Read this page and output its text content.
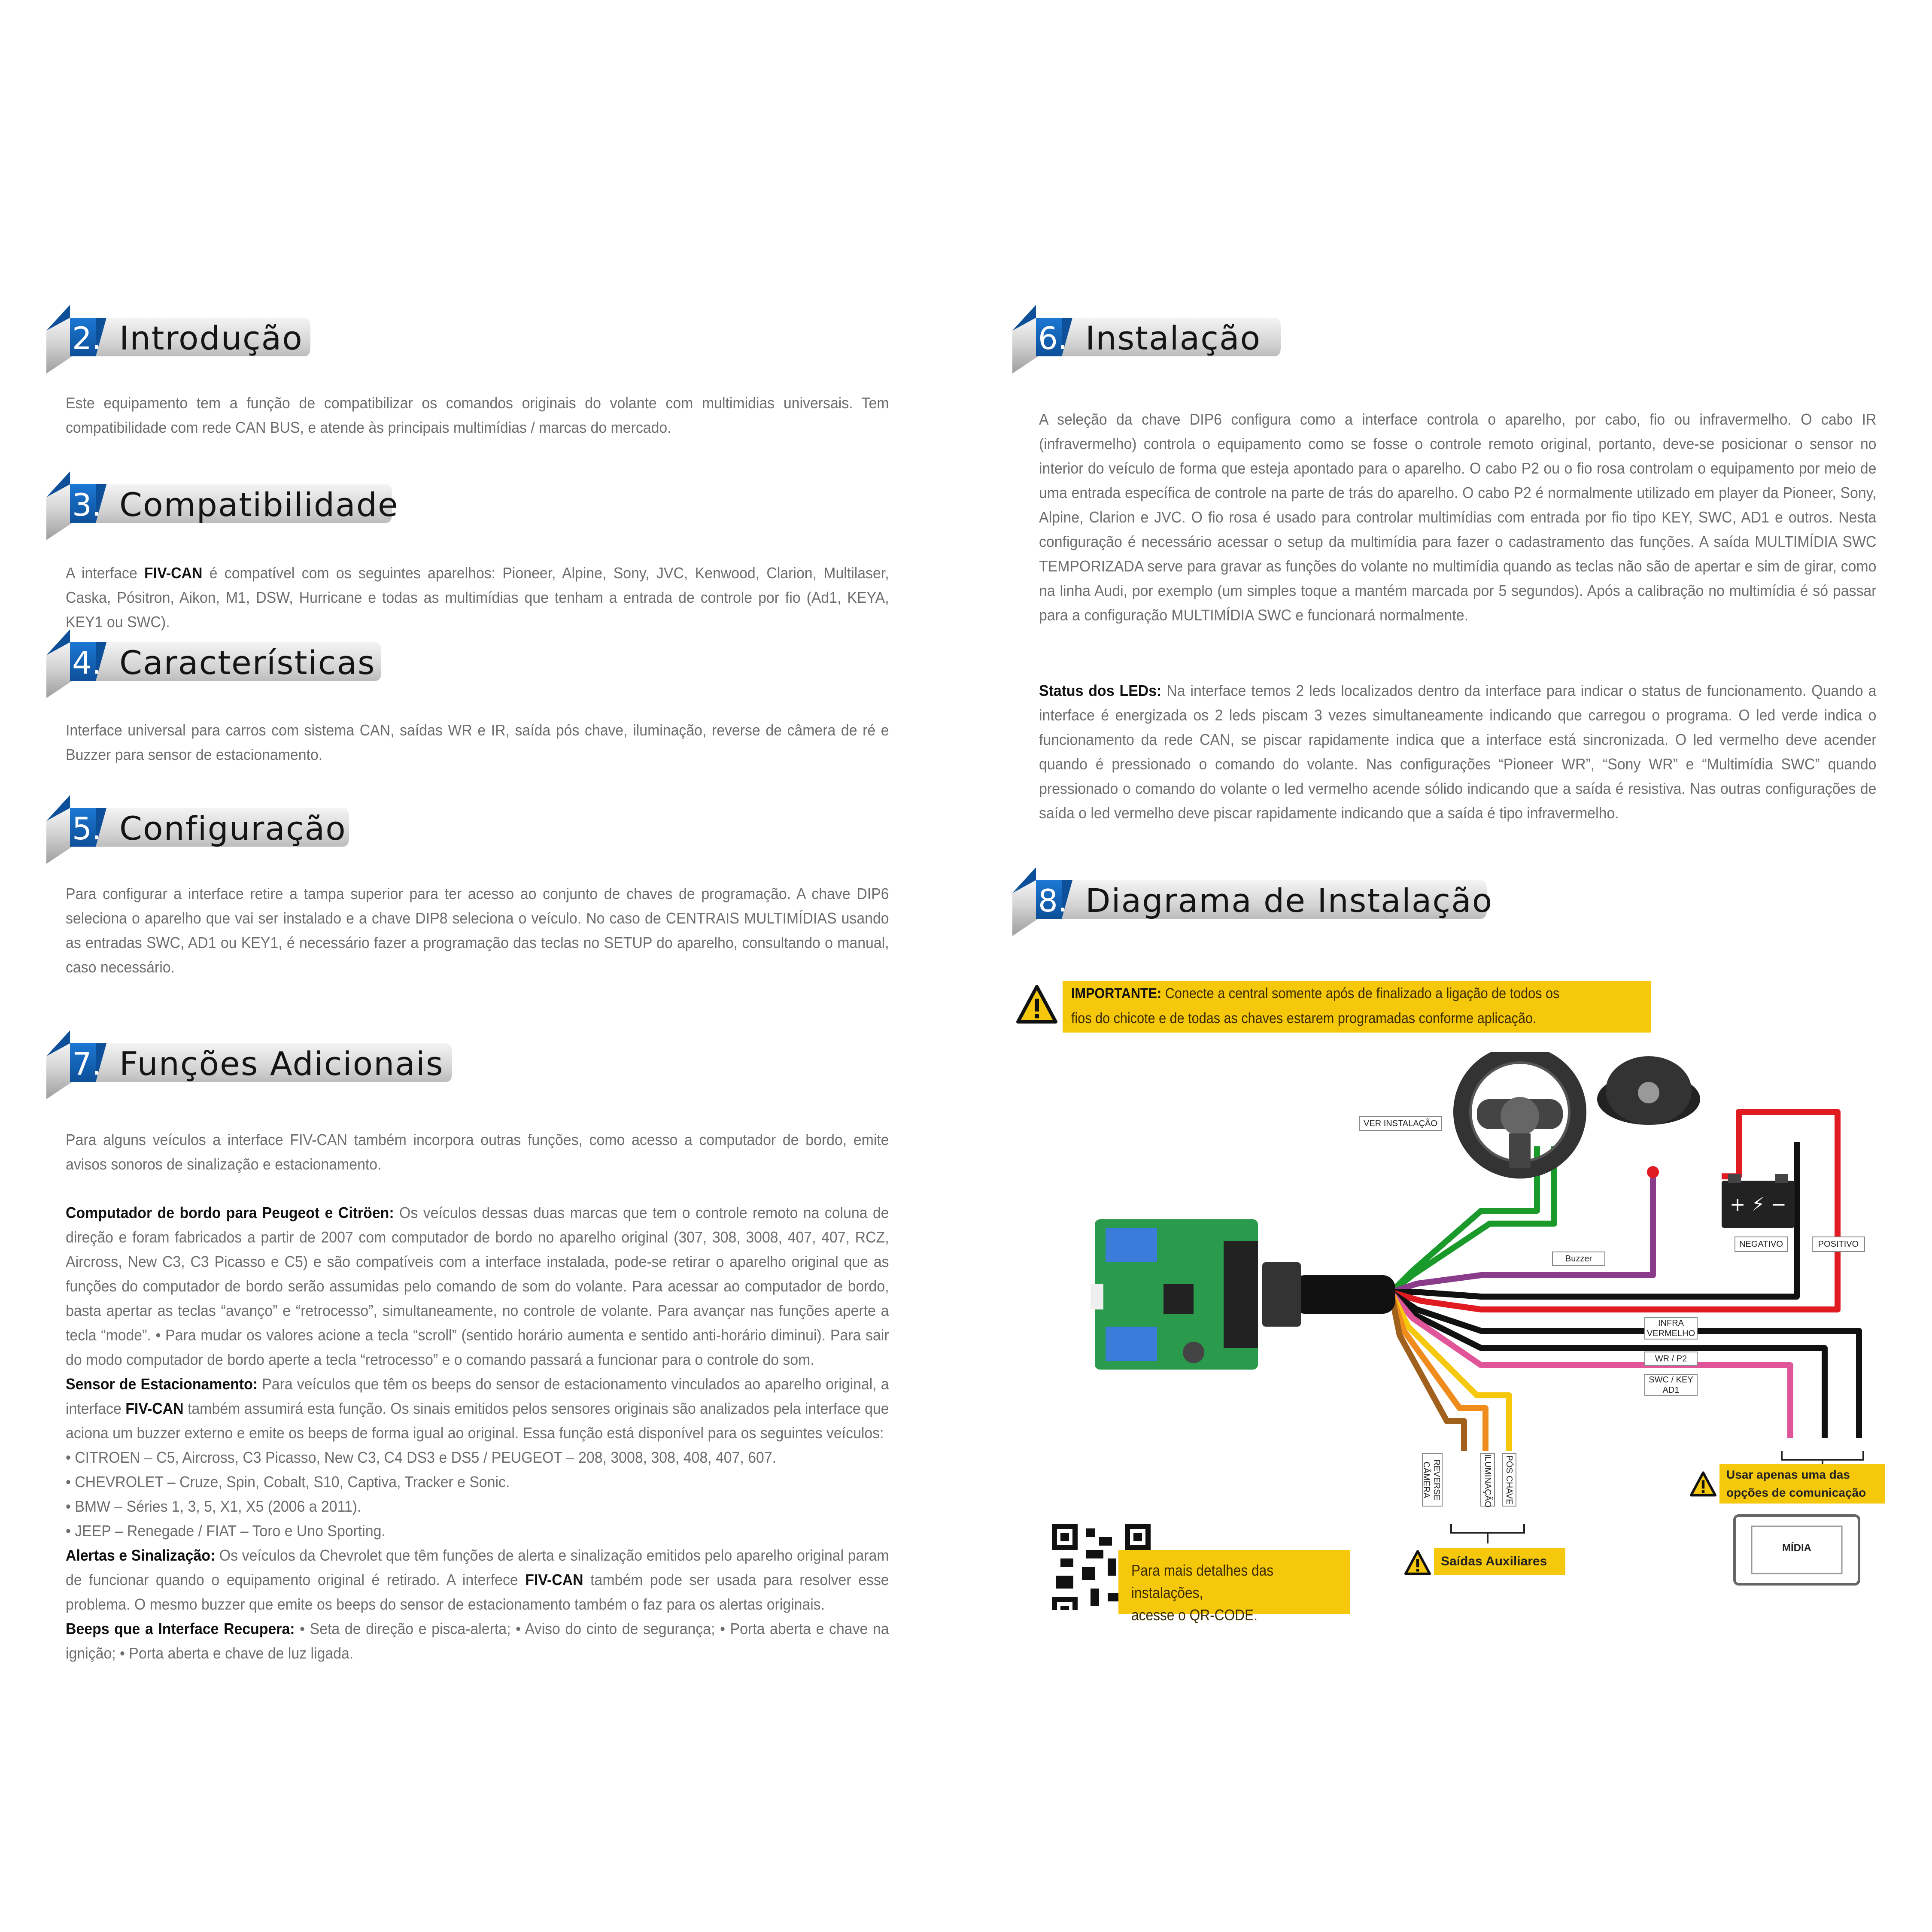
2. Introdução
Este equipamento tem a função de compatibilizar os comandos originais do volante com multimidias universais. Tem compatibilidade com rede CAN BUS, e atende às principais multimídias / marcas do mercado.
3. Compatibilidade
A interface FIV-CAN é compatível com os seguintes aparelhos: Pioneer, Alpine, Sony, JVC, Kenwood, Clarion, Multilaser, Caska, Pósitron, Aikon, M1, DSW, Hurricane e todas as multimídias que tenham a entrada de controle por fio (Ad1, KEYA, KEY1 ou SWC).
4. Características
Interface universal para carros com sistema CAN, saídas WR e IR, saída pós chave, iluminação, reverse de câmera de ré e Buzzer para sensor de estacionamento.
5. Configuração
Para configurar a interface retire a tampa superior para ter acesso ao conjunto de chaves de programação. A chave DIP6 seleciona o aparelho que vai ser instalado e a chave DIP8 seleciona o veículo. No caso de CENTRAIS MULTIMÍDIAS usando as entradas SWC, AD1 ou KEY1, é necessário fazer a programação das teclas no SETUP do aparelho, consultando o manual, caso necessário.
7. Funções Adicionais
Para alguns veículos a interface FIV-CAN também incorpora outras funções, como acesso a computador de bordo, emite avisos sonoros de sinalização e estacionamento.
Computador de bordo para Peugeot e Citröen: Os veículos dessas duas marcas que tem o controle remoto na coluna de direção e foram fabricados a partir de 2007 com computador de bordo no aparelho original (307, 308, 3008, 407, 407, RCZ, Aircross, New C3, C3 Picasso e C5) e são compatíveis com a interface instalada, pode-se retirar o aparelho original que as funções do computador de bordo serão assumidas pelo comando de som do volante. Para acessar ao computador de bordo, basta apertar as teclas “avanço” e “retrocesso”, simultaneamente, no controle de volante. Para avançar nas funções aperte a tecla “mode”. • Para mudar os valores acione a tecla “scroll” (sentido horário aumenta e sentido anti-horário diminui). Para sair do modo computador de bordo aperte a tecla “retrocesso” e o comando passará a funcionar para o controle do som.
Sensor de Estacionamento: Para veículos que têm os beeps do sensor de estacionamento vinculados ao aparelho original, a interface FIV-CAN também assumirá esta função. Os sinais emitidos pelos sensores originais são analizados pela interface que aciona um buzzer externo e emite os beeps de forma igual ao original. Essa função está disponível para os seguintes veículos:
• CITROEN – C5, Aircross, C3 Picasso, New C3, C4 DS3 e DS5 / PEUGEOT – 208, 3008, 308, 408, 407, 607.
• CHEVROLET – Cruze, Spin, Cobalt, S10, Captiva, Tracker e Sonic.
• BMW – Séries 1, 3, 5, X1, X5 (2006 a 2011).
• JEEP – Renegade / FIAT – Toro e Uno Sporting.
Alertas e Sinalização: Os veículos da Chevrolet que têm funções de alerta e sinalização emitidos pelo aparelho original param de funcionar quando o equipamento original é retirado. A interfece FIV-CAN também pode ser usada para resolver esse problema. O mesmo buzzer que emite os beeps do sensor de estacionamento também o faz para os alertas originais.
Beeps que a Interface Recupera: • Seta de direção e pisca-alerta; • Aviso do cinto de segurança; • Porta aberta e chave na ignição; • Porta aberta e chave de luz ligada.
6. Instalação
A seleção da chave DIP6 configura como a interface controla o aparelho, por cabo, fio ou infravermelho. O cabo IR (infravermelho) controla o equipamento como se fosse o controle remoto original, portanto, deve-se posicionar o sensor no interior do veículo de forma que esteja apontado para o aparelho. O cabo P2 ou o fio rosa controlam o equipamento por meio de uma entrada específica de controle na parte de trás do aparelho. O cabo P2 é normalmente utilizado em player da Pioneer, Sony, Alpine, Clarion e JVC. O fio rosa é usado para controlar multimídias com entrada por fio tipo KEY, SWC, AD1 e outros. Nesta configuração é necessário acessar o setup da multimídia para fazer o cadastramento das funções. A saída MULTIMÍDIA SWC TEMPORIZADA serve para gravar as funções do volante no multimídia quando as teclas não são de apertar e sim de girar, como na linha Audi, por exemplo (um simples toque a mantém marcada por 5 segundos). Após a calibração no multimídia é só passar para a configuração MULTIMÍDIA SWC e funcionará normalmente.
Status dos LEDs: Na interface temos 2 leds localizados dentro da interface para indicar o status de funcionamento. Quando a interface é energizada os 2 leds piscam 3 vezes simultaneamente indicando que carregou o programa. O led verde indica o funcionamento da rede CAN, se piscar rapidamente indica que a interface está sincronizada. O led vermelho deve acender quando é pressionado o comando do volante. Nas configurações “Pioneer WR”, “Sony WR” e “Multimídia SWC” quando pressionado o comando do volante o led vermelho acende sólido indicando que a saída é resistiva. Nas outras configurações de saída o led vermelho deve piscar rapidamente indicando que a saída é tipo infravermelho.
8. Diagrama de Instalação
IMPORTANTE: Conecte a central somente após de finalizado a ligação de todos os
fios do chicote e de todas as chaves estarem programadas conforme aplicação.
+ ⚡ −
VER INSTALAÇÃO
Buzzer
NEGATIVO	POSITIVO
INFRA
VERMELHO
WR / P2
SWC / KEY
AD1
REVERSE
CÂMERA	ILUMINAÇÃO	PÓS CHAVE
Saídas Auxiliares
Usar apenas uma das
opções de comunicação
MÍDIA
Para mais detalhes das instalações,
acesse o QR-CODE.
